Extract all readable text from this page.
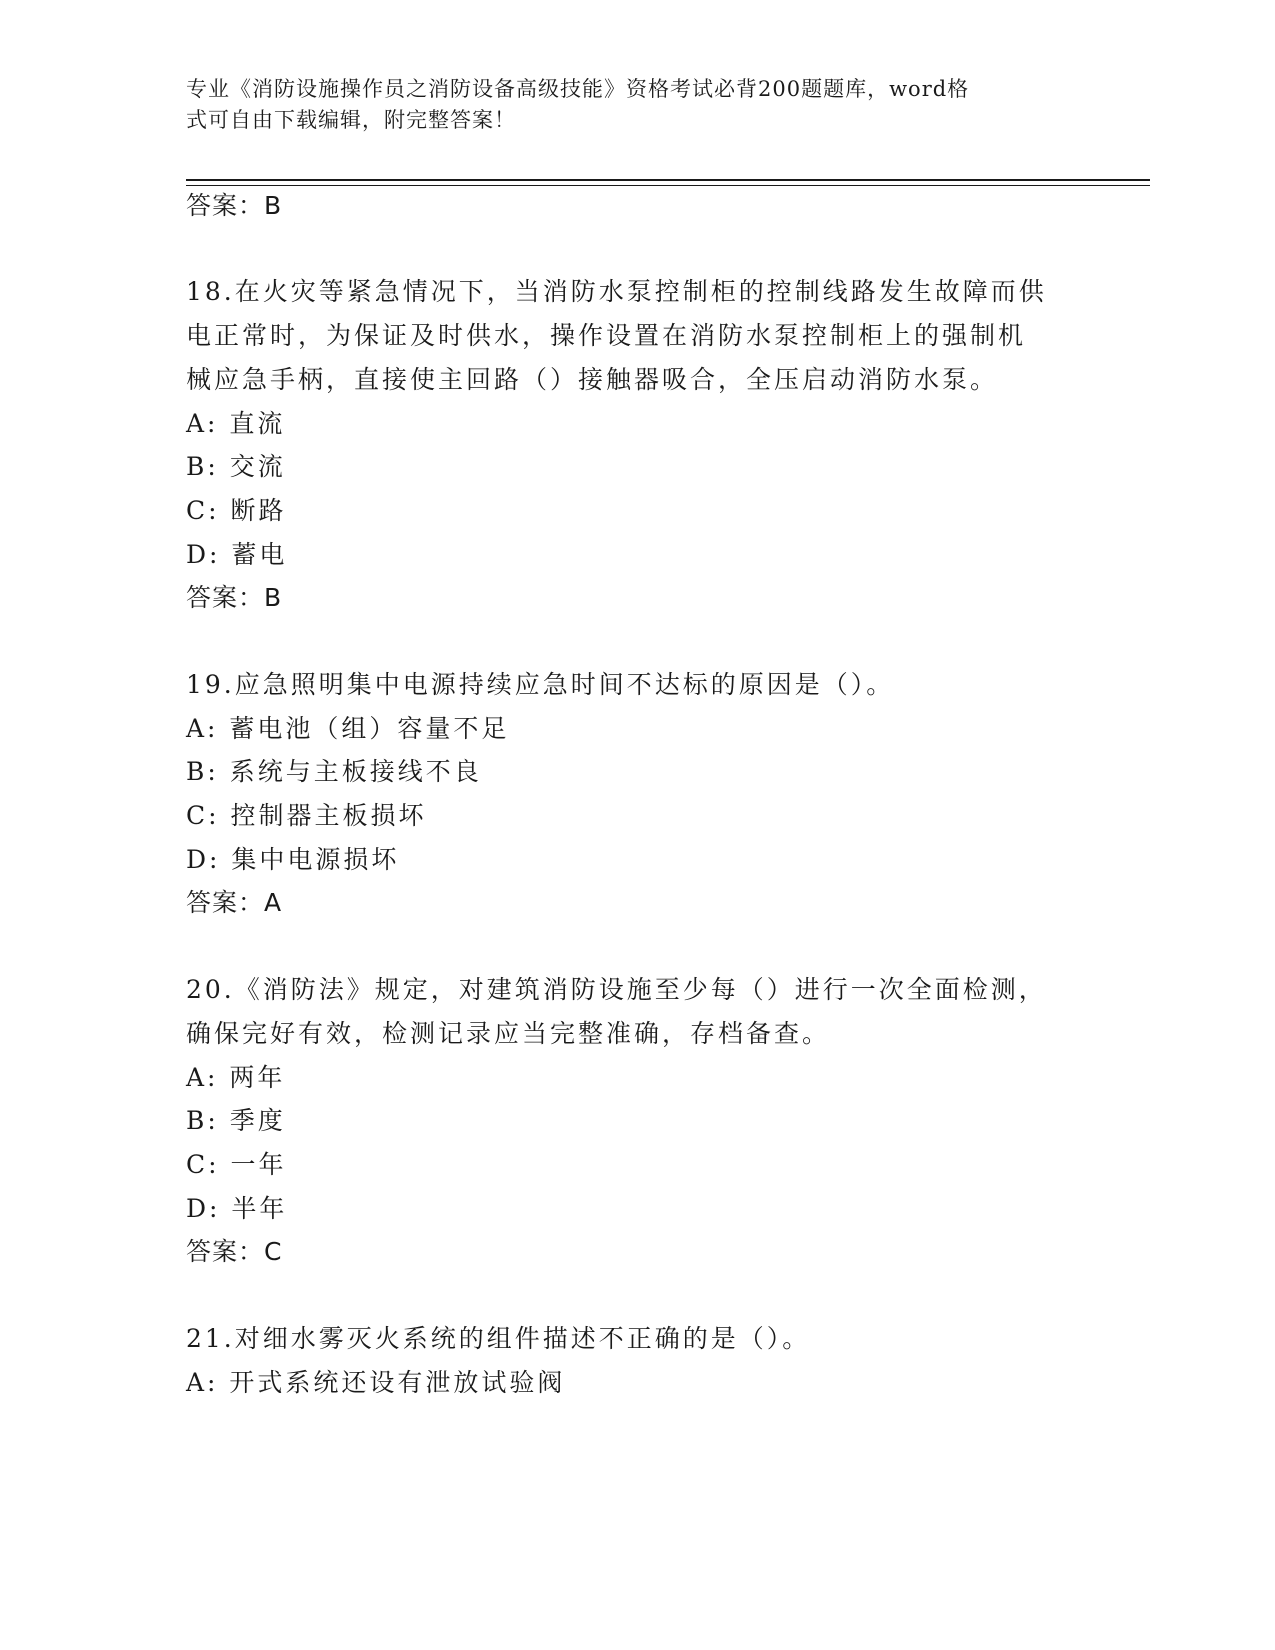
专业《消防设施操作员之消防设备高级技能》资格考试必背200题题库，word格
式可自由下载编辑，附完整答案！

答案：B

18.在火灾等紧急情况下，当消防水泵控制柜的控制线路发生故障而供

电正常时，为保证及时供水，操作设置在消防水泵控制柜上的强制机

械应急手柄，直接使主回路（）接触器吸合，全压启动消防水泵。

A: 直流

B: 交流

C: 断路

D: 蓄电

答案：B

19.应急照明集中电源持续应急时间不达标的原因是（）。

A: 蓄电池（组）容量不足

B: 系统与主板接线不良

C: 控制器主板损坏

D: 集中电源损坏

答案：A

20.《消防法》规定，对建筑消防设施至少每（）进行一次全面检测，

确保完好有效，检测记录应当完整准确，存档备查。

A: 两年

B: 季度

C: 一年

D: 半年

答案：C

21.对细水雾灭火系统的组件描述不正确的是（）。

A: 开式系统还设有泄放试验阀
